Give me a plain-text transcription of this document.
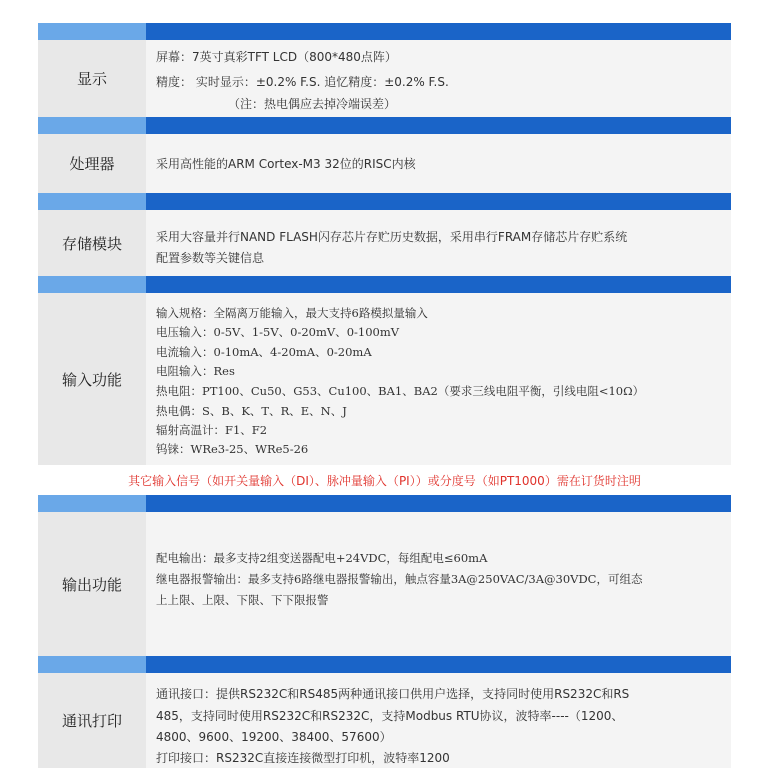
显示
屏幕：7英寸真彩TFT LCD（800*480点阵）
精度： 实时显示：±0.2% F.S. 追忆精度：±0.2% F.S.
（注：热电偶应去掉冷端误差）
处理器	采用高性能的ARM Cortex-M3 32位的RISC内核
存储模块	采用大容量并行NAND FLASH闪存芯片存贮历史数据，采用串行FRAM存储芯片存贮系统
配置参数等关键信息
输入功能
输入规格：全隔离万能输入，最大支持6路模拟量输入
电压输入：0-5V、1-5V、0-20mV、0-100mV
电流输入：0-10mA、4-20mA、0-20mA
电阻输入：Res
热电阻：PT100、Cu50、G53、Cu100、BA1、BA2（要求三线电阻平衡，引线电阻<10Ω）
热电偶：S、B、K、T、R、E、N、J
辐射高温计：F1、F2
钨铼：WRe3-25、WRe5-26
其它输入信号（如开关量输入（DI）、脉冲量输入（PI））或分度号（如PT1000）需在订货时注明
输出功能
配电输出：最多支持2组变送器配电+24VDC，每组配电≤60mA
继电器报警输出：最多支持6路继电器报警输出，触点容量3A@250VAC/3A@30VDC，可组态
上上限、上限、下限、下下限报警
通讯打印
通讯接口：提供RS232C和RS485两种通讯接口供用户选择，支持同时使用RS232C和RS
485，支持同时使用RS232C和RS232C，支持Modbus RTU协议，波特率----（1200、
4800、9600、19200、38400、57600）
打印接口：RS232C直接连接微型打印机，波特率1200
